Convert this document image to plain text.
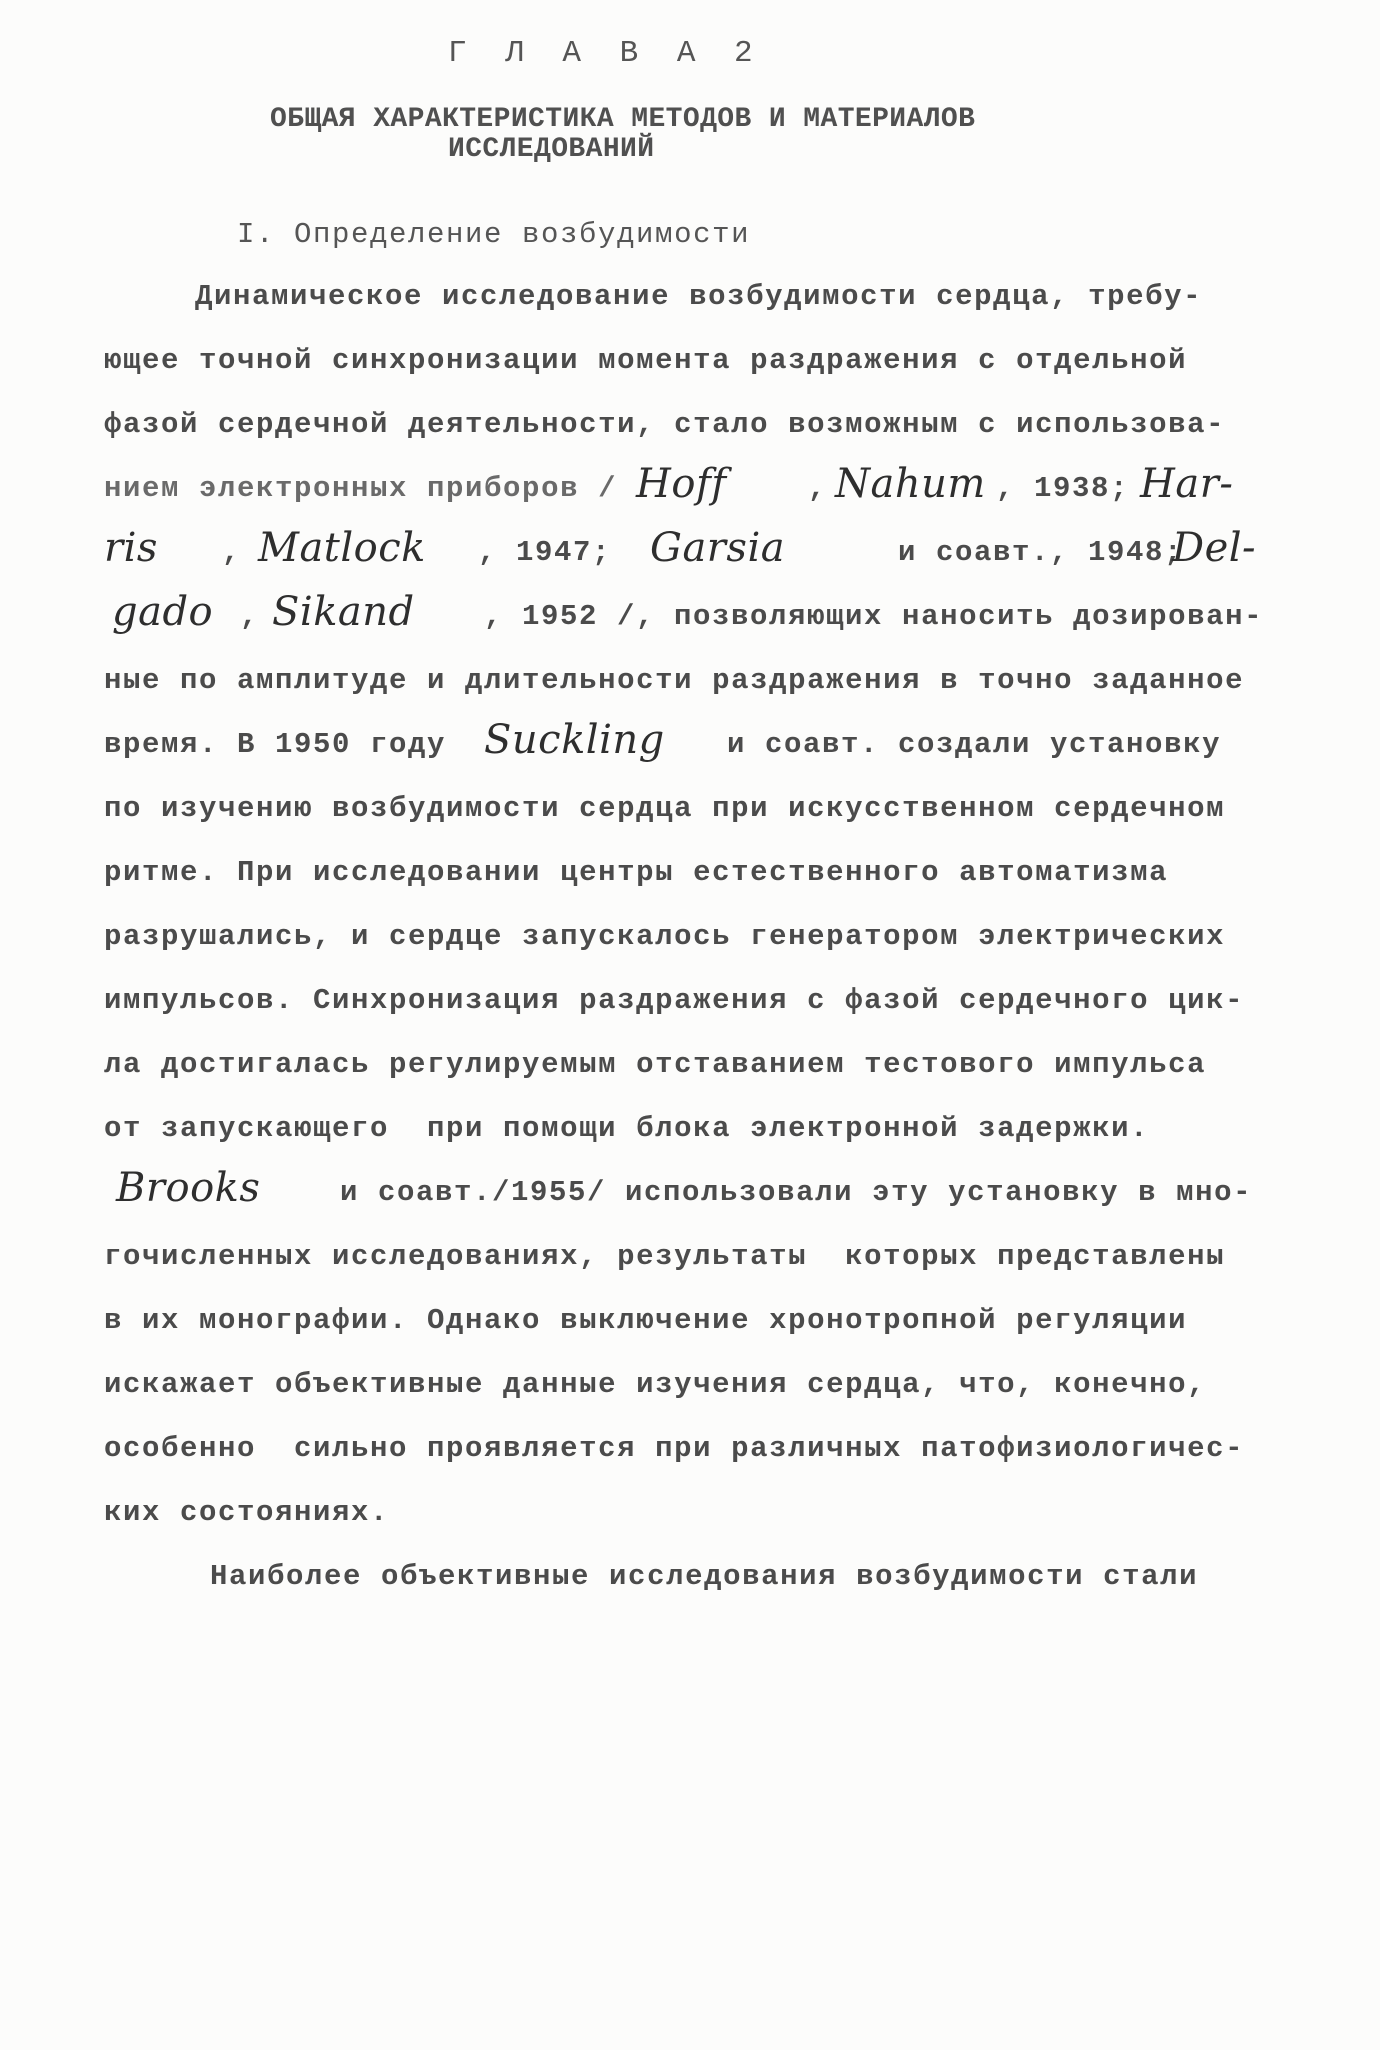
Г Л А В А 2
ОБЩАЯ ХАРАКТЕРИСТИКА МЕТОДОВ И МАТЕРИАЛОВ
ИССЛЕДОВАНИЙ
I. Определение возбудимости
Динамическое исследование возбудимости сердца, требу-
ющее точной синхронизации момента раздражения с отдельной
фазой сердечной деятельности, стало возможным с использова-
нием электронных приборов / Hoff	, Nahum , 1938; Har-
ris , Matlock , 1947; Garsia	и соавт., 1948;
Del-
gado , Sikand , 1952 /, позволяющих наносить дозирован-
ные по амплитуде и длительности раздражения в точно заданное
время. В 1950 году Suckling и соавт. создали установку
по изучению возбудимости сердца при искусственном сердечном
ритме. При исследовании центры естественного автоматизма
разрушались, и сердце запускалось генератором электрических
импульсов. Синхронизация раздражения с фазой сердечного цик-
ла достигалась регулируемым отставанием тестового импульса
от запускающего  при помощи блока электронной задержки.
Brooks	и соавт./1955/ использовали эту установку в мно-
гочисленных исследованиях, результаты  которых представлены
в их монографии. Однако выключение хронотропной регуляции
искажает объективные данные изучения сердца, что, конечно,
особенно  сильно проявляется при различных патофизиологичес-
ких состояниях.
Наиболее объективные исследования возбудимости стали
